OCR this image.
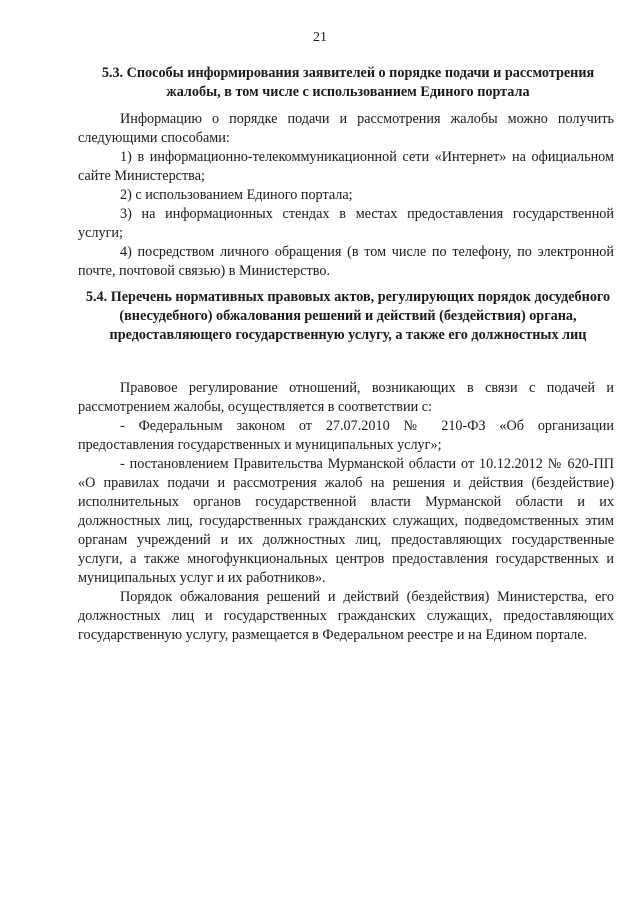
21
5.3. Способы информирования заявителей о порядке подачи и рассмотрения жалобы, в том числе с использованием Единого портала

Информацию о порядке подачи и рассмотрения жалобы можно получить следующими способами:

1) в информационно-телекоммуникационной сети «Интернет» на официальном сайте Министерства;

2) с использованием Единого портала;

3) на информационных стендах в местах предоставления государственной услуги;

4) посредством личного обращения (в том числе по телефону, по электронной почте, почтовой связью) в Министерство.

5.4. Перечень нормативных правовых актов, регулирующих порядок досудебного (внесудебного) обжалования решений и действий (бездействия) органа, предоставляющего государственную услугу, а также его должностных лиц

Правовое регулирование отношений, возникающих в связи с подачей и рассмотрением жалобы, осуществляется в соответствии с:

- Федеральным законом от 27.07.2010 № 210-ФЗ «Об организации предоставления государственных и муниципальных услуг»;

- постановлением Правительства Мурманской области от 10.12.2012 № 620-ПП «О правилах подачи и рассмотрения жалоб на решения и действия (бездействие) исполнительных органов государственной власти Мурманской области и их должностных лиц, государственных гражданских служащих, подведомственных этим органам учреждений и их должностных лиц, предоставляющих государственные услуги, а также многофункциональных центров предоставления государственных и муниципальных услуг и их работников».

Порядок обжалования решений и действий (бездействия) Министерства, его должностных лиц и государственных гражданских служащих, предоставляющих государственную услугу, размещается в Федеральном реестре и на Едином портале.
